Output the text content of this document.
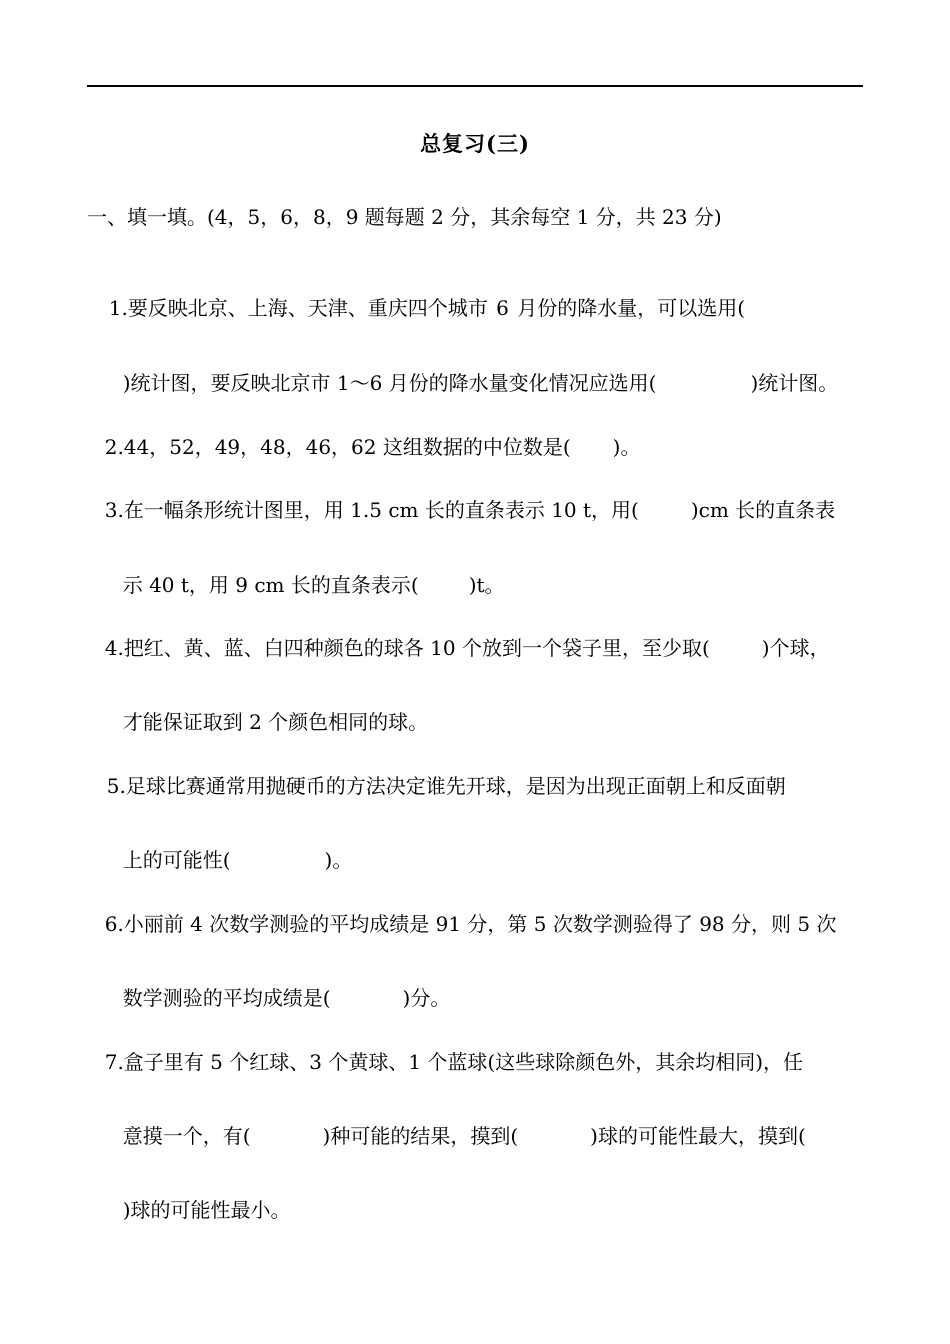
总复习(三)
一、填一填。(4，5，6，8，9 题每题 2 分，其余每空 1 分，共 23 分)

1.要反映北京、上海、天津、重庆四个城市 6 月份的降水量，可以选用(

)统计图，要反映北京市 1～6 月份的降水量变化情况应选用(	)统计图。

2.44，52，49，48，46，62 这组数据的中位数是( )。

3.在一幅条形统计图里，用 1.5 cm 长的直条表示 10 t，用(	)cm 长的直条表

示 40 t，用 9 cm 长的直条表示(	)t。

4.把红、黄、蓝、白四种颜色的球各 10 个放到一个袋子里，至少取(	)个球，

才能保证取到 2 个颜色相同的球。

5.足球比赛通常用抛硬币的方法决定谁先开球，是因为出现正面朝上和反面朝

上的可能性(	)。

6.小丽前 4 次数学测验的平均成绩是 91 分，第 5 次数学测验得了 98 分，则 5 次

数学测验的平均成绩是(	)分。

7.盒子里有 5 个红球、3 个黄球、1 个蓝球(这些球除颜色外，其余均相同)，任

意摸一个，有(	)种可能的结果，摸到(	)球的可能性最大，摸到(

)球的可能性最小。
